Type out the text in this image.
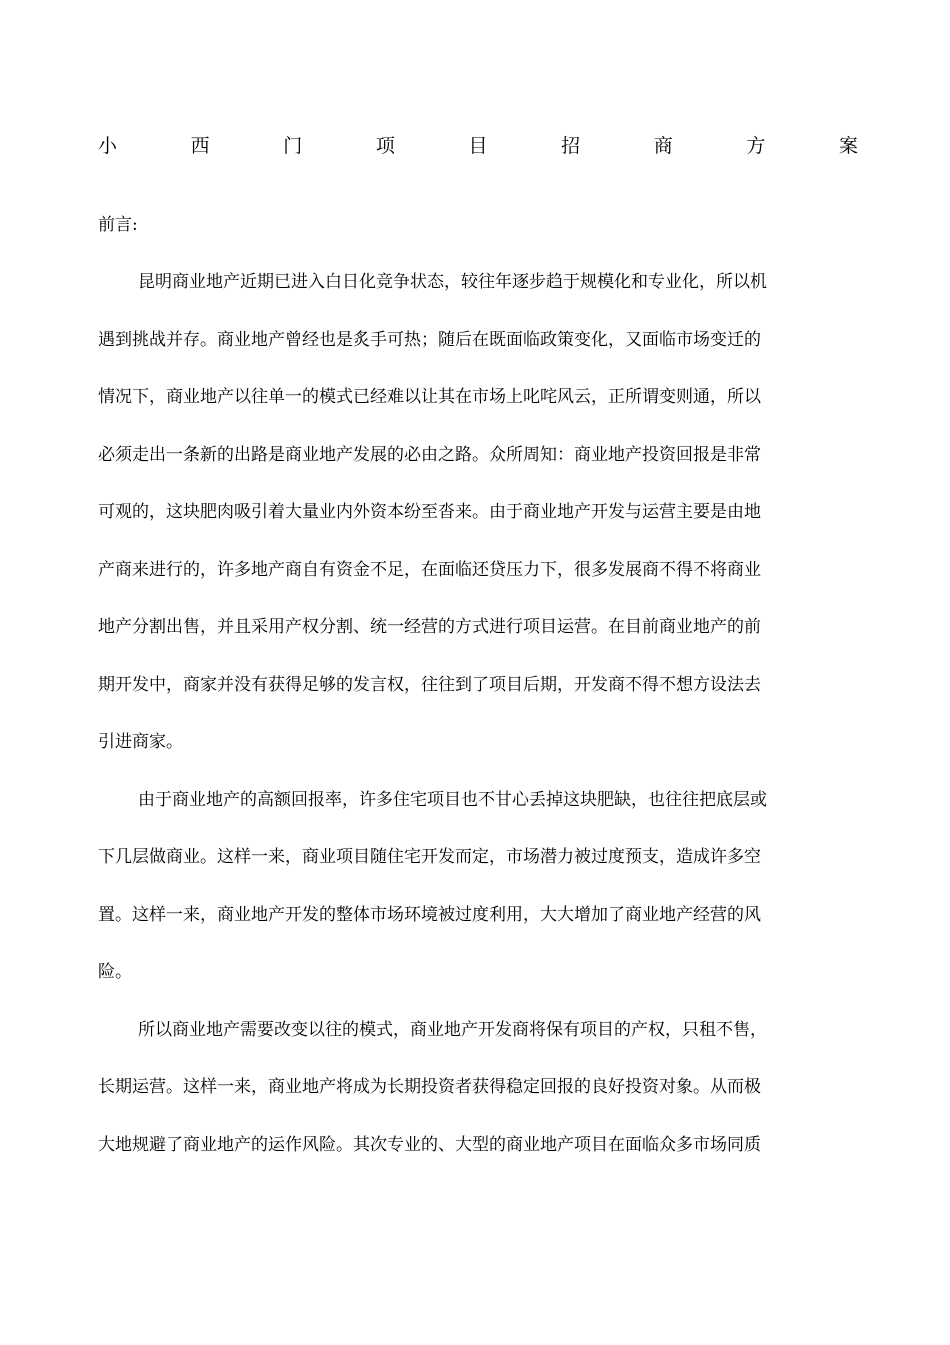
小	西	门	项	目	招	商	方	案
前言:
昆明商业地产近期已进入白日化竞争状态，较往年逐步趋于规模化和专业化，所以机
遇到挑战并存。商业地产曾经也是炙手可热；随后在既面临政策变化，又面临市场变迁的
情况下，商业地产以往单一的模式已经难以让其在市场上叱咤风云，正所谓变则通，所以
必须走出一条新的出路是商业地产发展的必由之路。众所周知：商业地产投资回报是非常
可观的，这块肥肉吸引着大量业内外资本纷至沓来。由于商业地产开发与运营主要是由地
产商来进行的，许多地产商自有资金不足，在面临还贷压力下，很多发展商不得不将商业
地产分割出售，并且采用产权分割、统一经营的方式进行项目运营。在目前商业地产的前
期开发中，商家并没有获得足够的发言权，往往到了项目后期，开发商不得不想方设法去
引进商家。
由于商业地产的高额回报率，许多住宅项目也不甘心丢掉这块肥缺，也往往把底层或
下几层做商业。这样一来，商业项目随住宅开发而定，市场潜力被过度预支，造成许多空
置。这样一来，商业地产开发的整体市场环境被过度利用，大大增加了商业地产经营的风
险。
所以商业地产需要改变以往的模式，商业地产开发商将保有项目的产权，只租不售，
长期运营。这样一来，商业地产将成为长期投资者获得稳定回报的良好投资对象。从而极
大地规避了商业地产的运作风险。其次专业的、大型的商业地产项目在面临众多市场同质
